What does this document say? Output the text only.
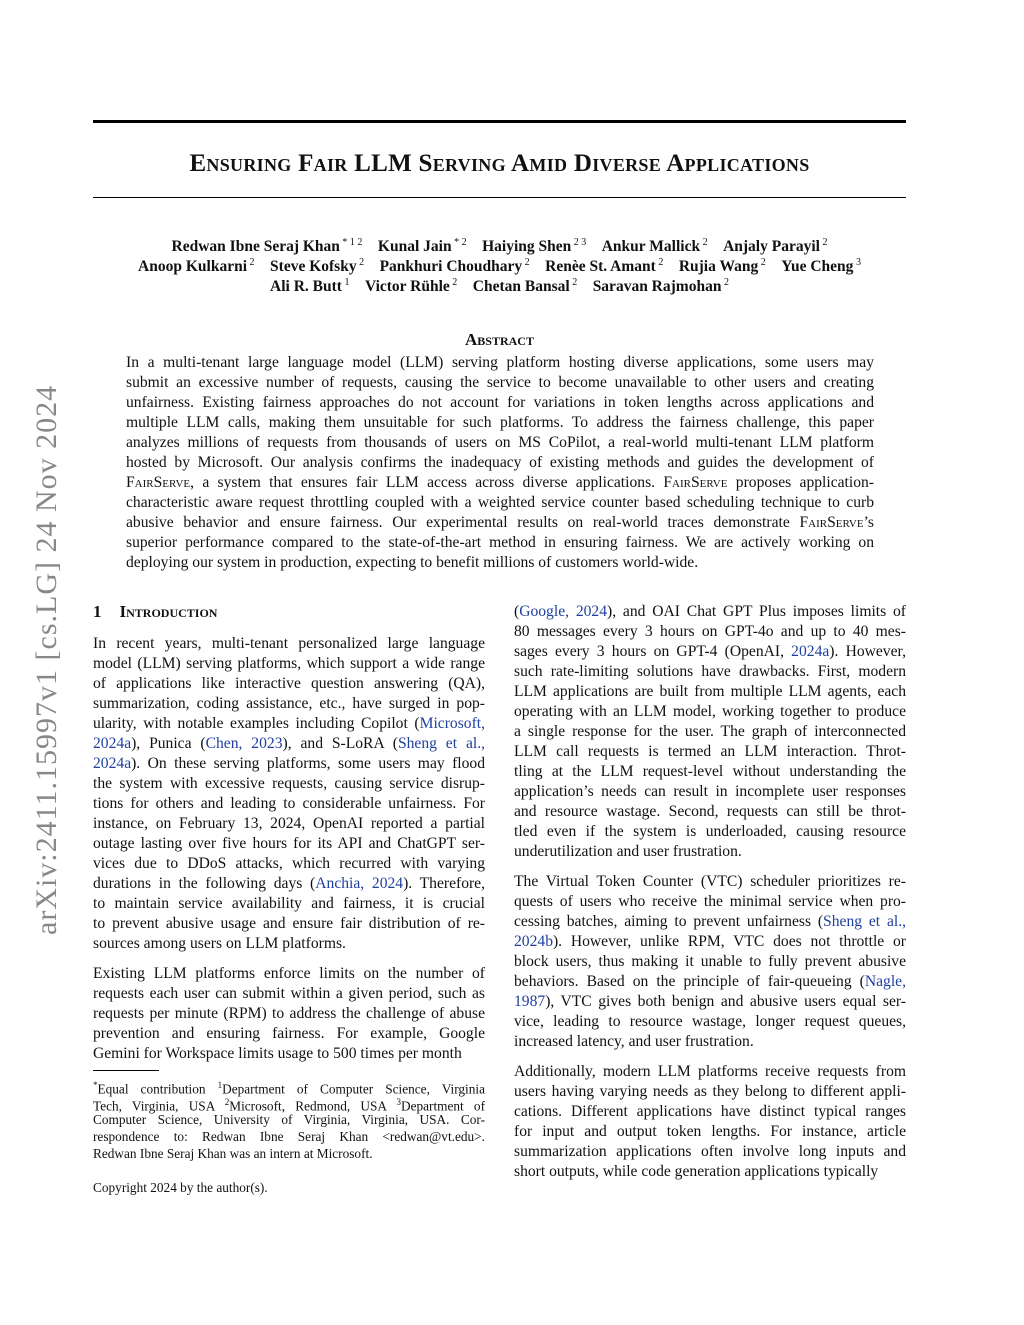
Ensuring Fair LLM Serving Amid Diverse Applications
Redwan Ibne Seraj Khan $^{* 1 2}$   Kunal Jain $^{* 2}$   Haiying Shen $^{2 3}$   Ankur Mallick $^2$   Anjaly Parayil $^2$
Anoop Kulkarni $^2$   Steve Kofsky $^2$   Pankhuri Choudhary $^2$   Renèe St. Amant $^2$   Rujia Wang $^2$   Yue Cheng $^3$
Ali R. Butt $^1$   Victor Rühle $^2$   Chetan Bansal $^2$   Saravan Rajmohan $^2$
arXiv:2411.15997v1 [cs.LG] 24 Nov 2024
Abstract
In a multi-tenant large language model (LLM) serving platform hosting diverse applications, some users may
submit an excessive number of requests, causing the service to become unavailable to other users and creating
unfairness. Existing fairness approaches do not account for variations in token lengths across applications and
multiple LLM calls, making them unsuitable for such platforms. To address the fairness challenge, this paper
analyzes millions of requests from thousands of users on MS CoPilot, a real-world multi-tenant LLM platform
hosted by Microsoft. Our analysis confirms the inadequacy of existing methods and guides the development of
FairServe, a system that ensures fair LLM access across diverse applications. FairServe proposes application-
characteristic aware request throttling coupled with a weighted service counter based scheduling technique to curb
abusive behavior and ensure fairness. Our experimental results on real-world traces demonstrate FairServe’s
superior performance compared to the state-of-the-art method in ensuring fairness. We are actively working on
deploying our system in production, expecting to benefit millions of customers world-wide.
1 Introduction
In recent years, multi-tenant personalized large language
model (LLM) serving platforms, which support a wide range
of applications like interactive question answering (QA),
summarization, coding assistance, etc., have surged in pop-
ularity, with notable examples including Copilot (Microsoft,
2024a), Punica (Chen, 2023), and S-LoRA (Sheng et al.,
2024a). On these serving platforms, some users may flood
the system with excessive requests, causing service disrup-
tions for others and leading to considerable unfairness. For
instance, on February 13, 2024, OpenAI reported a partial
outage lasting over five hours for its API and ChatGPT ser-
vices due to DDoS attacks, which recurred with varying
durations in the following days (Anchia, 2024). Therefore,
to maintain service availability and fairness, it is crucial
to prevent abusive usage and ensure fair distribution of re-
sources among users on LLM platforms.
Existing LLM platforms enforce limits on the number of
requests each user can submit within a given period, such as
requests per minute (RPM) to address the challenge of abuse
prevention and ensuring fairness. For example, Google
Gemini for Workspace limits usage to 500 times per month
(Google, 2024), and OAI Chat GPT Plus imposes limits of
80 messages every 3 hours on GPT-4o and up to 40 mes-
sages every 3 hours on GPT-4 (OpenAI, 2024a). However,
such rate-limiting solutions have drawbacks. First, modern
LLM applications are built from multiple LLM agents, each
operating with an LLM model, working together to produce
a single response for the user. The graph of interconnected
LLM call requests is termed an LLM interaction. Throt-
tling at the LLM request-level without understanding the
application’s needs can result in incomplete user responses
and resource wastage. Second, requests can still be throt-
tled even if the system is underloaded, causing resource
underutilization and user frustration.
The Virtual Token Counter (VTC) scheduler prioritizes re-
quests of users who receive the minimal service when pro-
cessing batches, aiming to prevent unfairness (Sheng et al.,
2024b). However, unlike RPM, VTC does not throttle or
block users, thus making it unable to fully prevent abusive
behaviors. Based on the principle of fair-queueing (Nagle,
1987), VTC gives both benign and abusive users equal ser-
vice, leading to resource wastage, longer request queues,
increased latency, and user frustration.
Additionally, modern LLM platforms receive requests from
users having varying needs as they belong to different appli-
cations. Different applications have distinct typical ranges
for input and output token lengths. For instance, article
summarization applications often involve long inputs and
short outputs, while code generation applications typically
*Equal contribution $^1$Department of Computer Science, Virginia
Tech, Virginia, USA $^2$Microsoft, Redmond, USA $^3$Department of
Computer Science, University of Virginia, Virginia, USA. Cor-
respondence to: Redwan Ibne Seraj Khan <redwan@vt.edu>.
Redwan Ibne Seraj Khan was an intern at Microsoft.
Copyright 2024 by the author(s).
